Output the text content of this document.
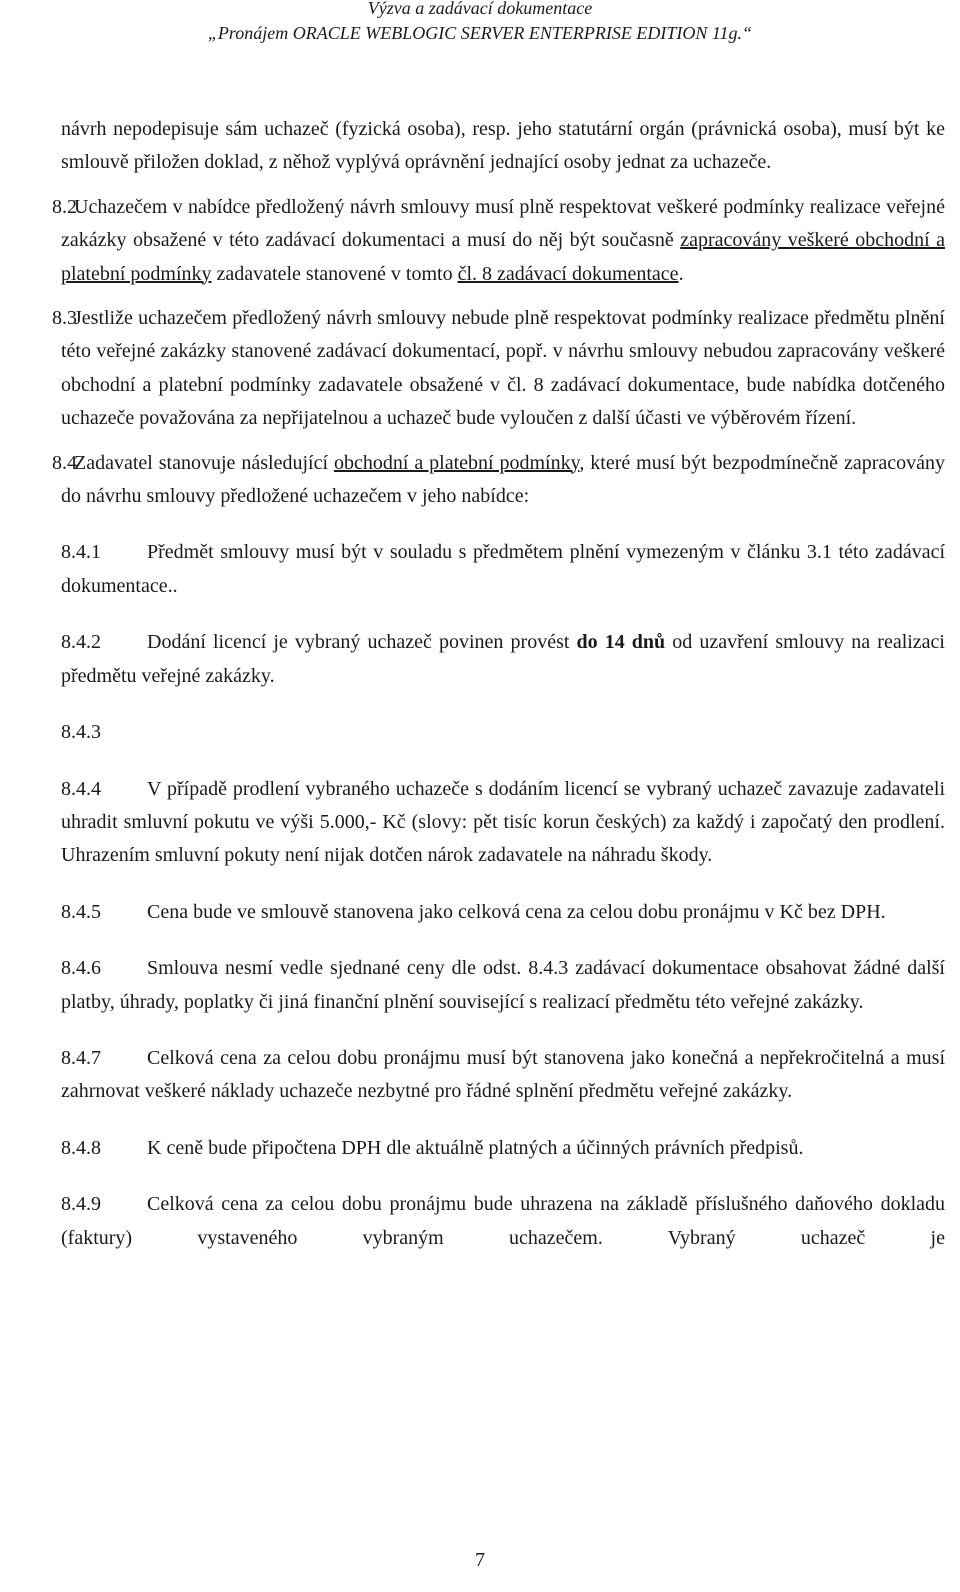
Výzva a zadávací dokumentace
„Pronájem ORACLE WEBLOGIC SERVER ENTERPRISE EDITION 11g.“

návrh nepodepisuje sám uchazeč (fyzická osoba), resp. jeho statutární orgán (právnická osoba), musí být ke smlouvě přiložen doklad, z něhož vyplývá oprávnění jednající osoby jednat za uchazeče.

8.2
Uchazečem v nabídce předložený návrh smlouvy musí plně respektovat veškeré podmínky realizace veřejné zakázky obsažené v této zadávací dokumentaci a musí do něj být současně zapracovány veškeré obchodní a platební podmínky zadavatele stanovené v tomto čl. 8 zadávací dokumentace.

8.3
Jestliže uchazečem předložený návrh smlouvy nebude plně respektovat podmínky realizace předmětu plnění této veřejné zakázky stanovené zadávací dokumentací, popř. v návrhu smlouvy nebudou zapracovány veškeré obchodní a platební podmínky zadavatele obsažené v čl. 8 zadávací dokumentace, bude nabídka dotčeného uchazeče považována za nepřijatelnou a uchazeč bude vyloučen z další účasti ve výběrovém řízení.

8.4
Zadavatel stanovuje následující obchodní a platební podmínky, které musí být bezpodmínečně zapracovány do návrhu smlouvy předložené uchazečem v jeho nabídce:

8.4.1 Předmět smlouvy musí být v souladu s předmětem plnění vymezeným v článku 3.1 této zadávací dokumentace..

8.4.2 Dodání licencí je vybraný uchazeč povinen provést do 14 dnů od uzavření smlouvy na realizaci předmětu veřejné zakázky.

8.4.3

8.4.4 V případě prodlení vybraného uchazeče s dodáním licencí se vybraný uchazeč zavazuje zadavateli uhradit smluvní pokutu ve výši 5.000,- Kč (slovy: pět tisíc korun českých) za každý i započatý den prodlení. Uhrazením smluvní pokuty není nijak dotčen nárok zadavatele na náhradu škody.

8.4.5 Cena bude ve smlouvě stanovena jako celková cena za celou dobu pronájmu v Kč bez DPH.

8.4.6 Smlouva nesmí vedle sjednané ceny dle odst. 8.4.3 zadávací dokumentace obsahovat žádné další platby, úhrady, poplatky či jiná finanční plnění související s realizací předmětu této veřejné zakázky.

8.4.7 Celková cena za celou dobu pronájmu musí být stanovena jako konečná a nepřekročitelná a musí zahrnovat veškeré náklady uchazeče nezbytné pro řádné splnění předmětu veřejné zakázky.

8.4.8 K ceně bude připočtena DPH dle aktuálně platných a účinných právních předpisů.

8.4.9 Celková cena za celou dobu pronájmu bude uhrazena na základě příslušného daňového dokladu (faktury) vystaveného vybraným uchazečem. Vybraný uchazeč je

7
